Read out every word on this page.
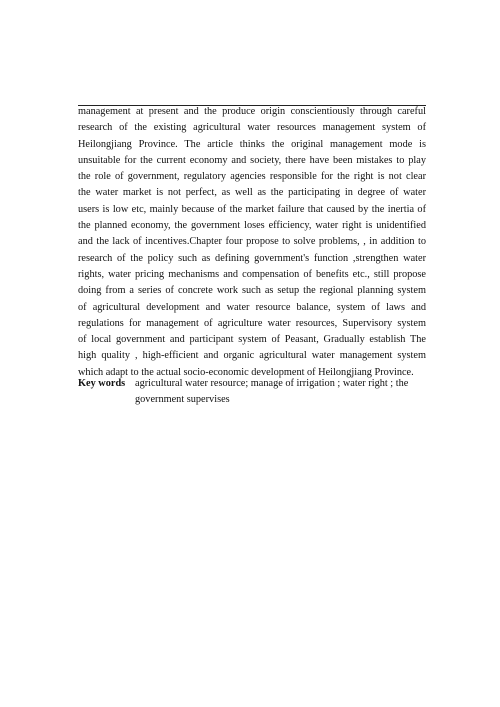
management at present and the produce origin conscientiously through careful

research of the existing agricultural water resources management system of

Heilongjiang Province. The article thinks the original management mode is

unsuitable for the current economy and society, there have been mistakes to play

the role of government, regulatory agencies responsible for the right is not clear

the water market is not perfect, as well as the participating in degree of water

users is low etc, mainly because of the market failure that caused by the inertia of

the planned economy, the government loses efficiency, water right is unidentified

and the lack of incentives.Chapter four propose to solve problems, , in addition to

research of the policy such as defining government's function ,strengthen water

rights, water pricing mechanisms and compensation of benefits etc., still propose

doing from a series of concrete work such as setup the regional planning system

of agricultural development and water resource balance, system of laws and

regulations for management of agriculture water resources, Supervisory system

of local government and participant system of Peasant, Gradually establish The

high quality , high-efficient and organic agricultural water management system

which adapt to the actual socio-economic development of Heilongjiang Province.

Key words agricultural water resource; manage of irrigation ; water right ; the
government supervises
